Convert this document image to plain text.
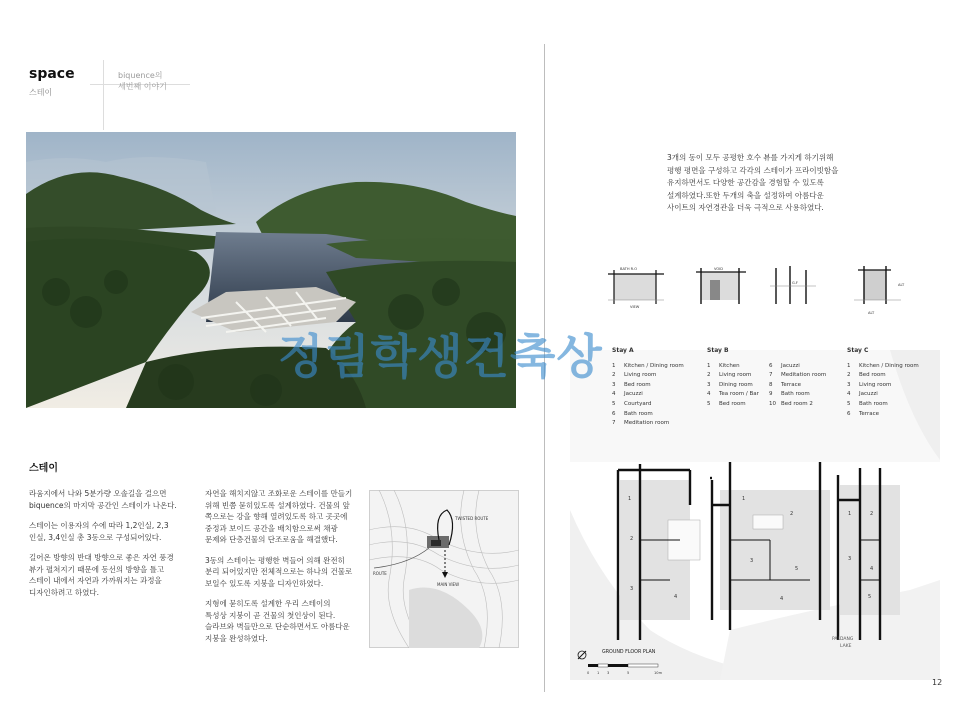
space
스테이
biquence의
세번째 이야기
스테이

라움지에서 나와 5분가량 오솔길을 걸으면
biquence의 마지막 공간인 스테이가 나온다.

스테이는 이용자의 수에 따라 1,2인실, 2,3
인실, 3,4인실 총 3동으로 구성되어있다.

길어온 방향의 반대 방향으로 좋은 자연 풍경
뷰가 펼쳐지기 때문에 동선의 방향을 틀고
스테이 내에서 자연과 가까워지는 과정을
디자인하려고 하였다.

자연을 해치지않고 조화로운 스테이를 만들기
위해 빈쯤 묻히있도록 설계하였다. 건물의 앞
쪽으로는 강을 향해 열려있도록 하고 곳곳에
중정과 보이드 공간을 배치함으로써 채광
문제와 단층건물의 단조로움을 해결했다.

3동의 스테이는 평행한 벽들어 의해 완전히
분리 되어있지만 전체적으로는 하나의 건물로
보일수 있도록 지붕을 디자인하였다.

지형에 묻히도록 설계한 우리 스테이의
특성상 지붕이 곧 건물의 첫인상이 된다.
슬라브와 벽들만으로 단순하면서도 아름다운
지붕을 완성하였다.

ROUTE
TWISTED ROUTE
MAIN VIEW
3개의 동이 모두 공평한 호수 뷰를 가지게 하기위해
평행 평면을 구성하고 각각의 스테이가 프라이빗함을
유지하면서도 다양한 공간감을 경험할 수 있도록
설계하였다.또한 두개의 축을 설정하여 아름다운
사이트의 자연경관을 더욱 극적으로 사용하였다.
BATH R.O
VIEW
VOID
G.F	ALT
ALT
1
2
3
4
1
2
3
5
4
1	2
3
4
5
PALDANG
LAKE
GROUND FLOOR PLAN
0 1 3	5	10m
Stay A
1	Kitchen / Dining room
2	Living room
3	Bed room
4	Jacuzzi
5	Courtyard
6	Bath room
7	Meditation room
Stay B
1	Kitchen
2	Living room
3	Dining room
4	Tea room / Bar
5	Bed room
6	Jacuzzi
7	Meditation room
8	Terrace
9	Bath room
10 Bed room 2
Stay C
1	Kitchen / Dining room
2	Bed room
3	Living room
4	Jacuzzi
5	Bath room
6	Terrace
정림학생건축상
12
